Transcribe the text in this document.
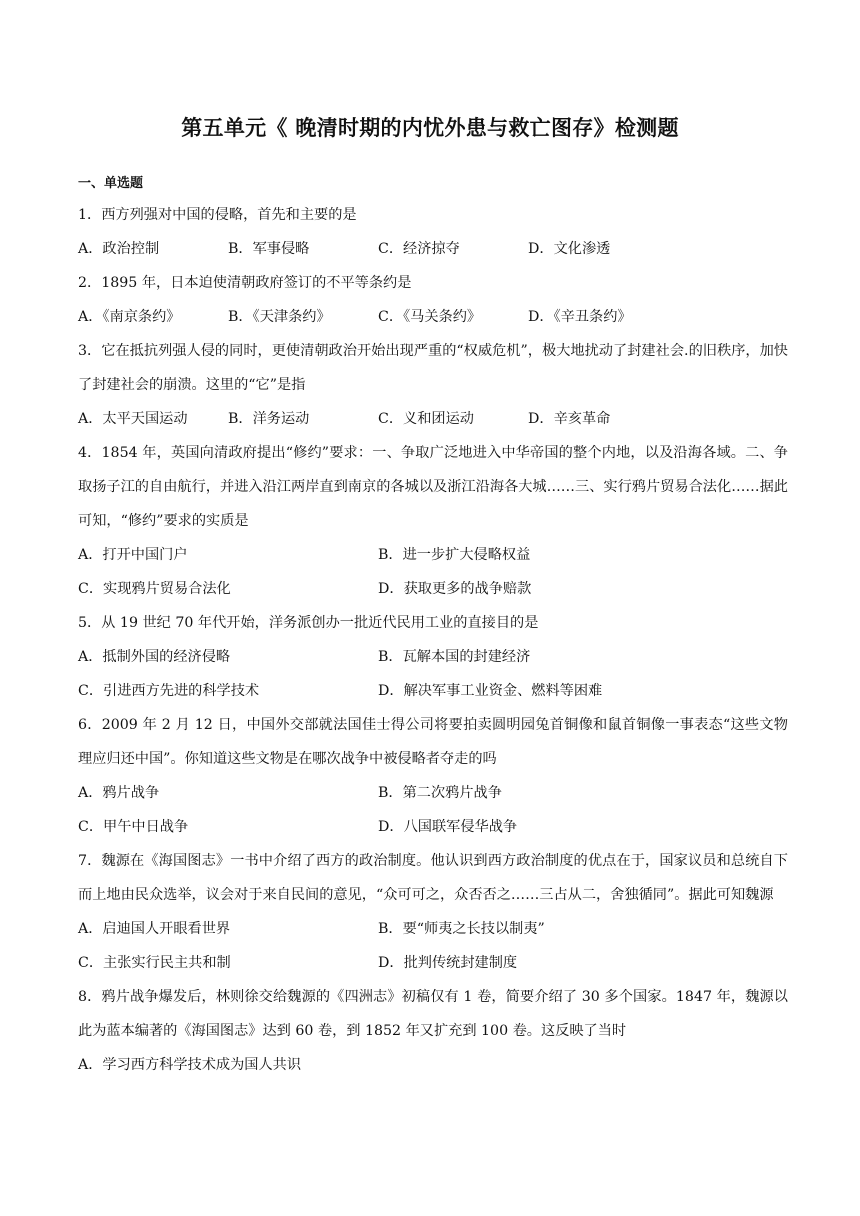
第五单元《 晚清时期的内忧外患与救亡图存》检测题
一、单选题
1．西方列强对中国的侵略，首先和主要的是
A．政治控制	B．军事侵略	C．经济掠夺	D．文化渗透
2．1895 年，日本迫使清朝政府签订的不平等条约是
A．《南京条约》	B．《天津条约》	C．《马关条约》	D．《辛丑条约》
3．它在抵抗列强人侵的同时，更使清朝政治开始出现严重的“权威危机”，极大地扰动了封建社会.的旧秩序，加快了封建社会的崩溃。这里的“它”是指
A．太平天国运动	B．洋务运动	C．义和团运动	D．辛亥革命
4．1854 年，英国向清政府提出“修约”要求：一、争取广泛地进入中华帝国的整个内地，以及沿海各域。二、争取扬子江的自由航行，并进入沿江两岸直到南京的各城以及浙江沿海各大城……三、实行鸦片贸易合法化……据此可知，“修约”要求的实质是
A．打开中国门户	B．进一步扩大侵略权益
C．实现鸦片贸易合法化	D．获取更多的战争赔款
5．从 19 世纪 70 年代开始，洋务派创办一批近代民用工业的直接目的是
A．抵制外国的经济侵略	B．瓦解本国的封建经济
C．引进西方先进的科学技术	D．解决军事工业资金、燃料等困难
6．2009 年 2 月 12 日，中国外交部就法国佳士得公司将要拍卖圆明园兔首铜像和鼠首铜像一事表态“这些文物理应归还中国”。你知道这些文物是在哪次战争中被侵略者夺走的吗
A．鸦片战争	B．第二次鸦片战争
C．甲午中日战争	D．八国联军侵华战争
7．魏源在《海国图志》一书中介绍了西方的政治制度。他认识到西方政治制度的优点在于，国家议员和总统自下而上地由民众选举，议会对于来自民间的意见，“众可可之，众否否之……三占从二，舍独循同”。据此可知魏源
A．启迪国人开眼看世界	B．要“师夷之长技以制夷”
C．主张实行民主共和制	D．批判传统封建制度
8．鸦片战争爆发后，林则徐交给魏源的《四洲志》初稿仅有 1 卷，简要介绍了 30 多个国家。1847 年，魏源以此为蓝本编著的《海国图志》达到 60 卷，到 1852 年又扩充到 100 卷。这反映了当时
A．学习西方科学技术成为国人共识
